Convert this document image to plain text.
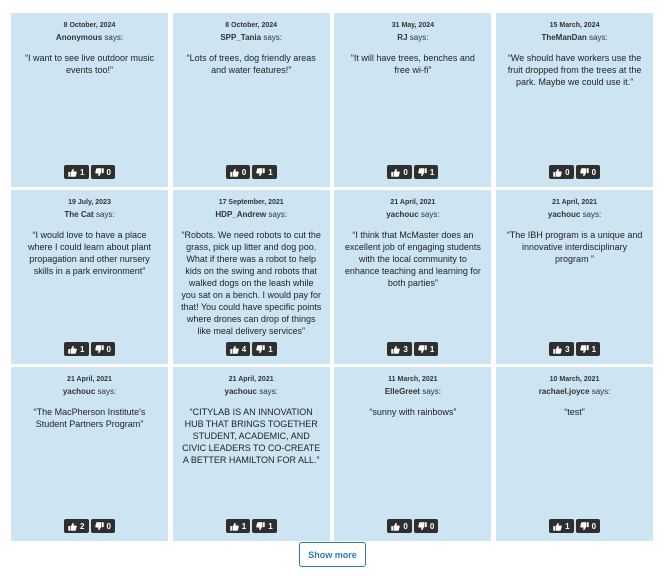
8 October, 2024
Anonymous says:
“I want to see live outdoor music events too!”
1	0
8 October, 2024
SPP_Tania says:
“Lots of trees, dog friendly areas and water features!”
0	1
31 May, 2024
RJ says:
“It will have trees, benches and free wi-fi”
0	1
15 March, 2024
TheManDan says:
“We should have workers use the fruit dropped from the trees at the park. Maybe we could use it.”
0	0
19 July, 2023
The Cat says:
“I would love to have a place where I could learn about plant propagation and other nursery skills in a park environment”
1	0
17 September, 2021
HDP_Andrew says:
“Robots. We need robots to cut the grass, pick up litter and dog poo. What if there was a robot to help kids on the swing and robots that walked dogs on the leash while you sat on a bench. I would pay for that! You could have specific points where drones can drop of things like meal delivery services”
4	1
21 April, 2021
yachouc says:
“I think that McMaster does an excellent job of engaging students with the local community to enhance teaching and learning for both parties”
3	1
21 April, 2021
yachouc says:
“The IBH program is a unique and innovative interdisciplinary program ”
3	1
21 April, 2021
yachouc says:
“The MacPherson Institute's Student Partners Program”
2	0
21 April, 2021
yachouc says:
“CITYLAB IS AN INNOVATION HUB THAT BRINGS TOGETHER STUDENT, ACADEMIC, AND CIVIC LEADERS TO CO-CREATE A BETTER HAMILTON FOR ALL.”
1	1
11 March, 2021
ElleGreet says:
“sunny with rainbows”
0	0
10 March, 2021
rachael.joyce says:
“test”
1	0
Show more
